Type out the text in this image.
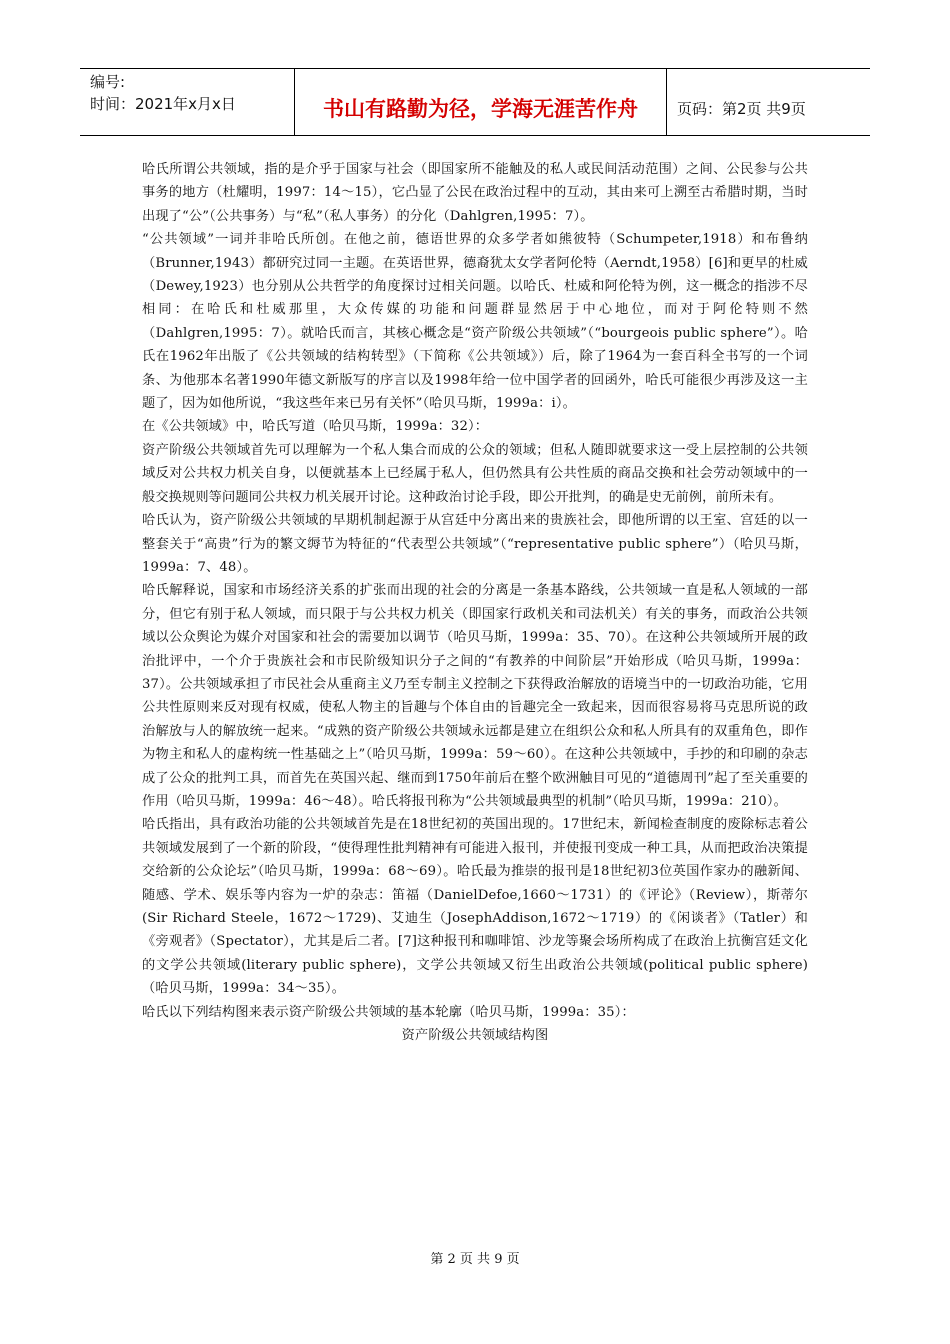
编号:
时间：2021年x月x日	书山有路勤为径，学海无涯苦作舟	页码：第2页 共9页

哈氏所谓公共领域，指的是介乎于国家与社会（即国家所不能触及的私人或民间活动范围）之间、公民参与公共事务的地方（杜耀明，1997：14～15），它凸显了公民在政治过程中的互动，其由来可上溯至古希腊时期，当时出现了“公”（公共事务）与“私”（私人事务）的分化（Dahlgren,1995：7）。

“公共领域”一词并非哈氏所创。在他之前，德语世界的众多学者如熊彼特（Schumpeter,1918）和布鲁纳（Brunner,1943）都研究过同一主题。在英语世界，德裔犹太女学者阿伦特（Aerndt,1958）[6]和更早的杜威（Dewey,1923）也分别从公共哲学的角度探讨过相关问题。以哈氏、杜威和阿伦特为例，这一概念的指涉不尽相同：在哈氏和杜威那里，大众传媒的功能和问题群显然居于中心地位，而对于阿伦特则不然（Dahlgren,1995：7）。就哈氏而言，其核心概念是“资产阶级公共领域”（“bourgeois public sphere”）。哈氏在1962年出版了《公共领域的结构转型》（下简称《公共领域》）后，除了1964为一套百科全书写的一个词条、为他那本名著1990年德文新版写的序言以及1998年给一位中国学者的回函外，哈氏可能很少再涉及这一主题了，因为如他所说，“我这些年来已另有关怀”（哈贝马斯，1999a：i）。

在《公共领域》中，哈氏写道（哈贝马斯，1999a：32）：

资产阶级公共领域首先可以理解为一个私人集合而成的公众的领域；但私人随即就要求这一受上层控制的公共领域反对公共权力机关自身，以便就基本上已经属于私人，但仍然具有公共性质的商品交换和社会劳动领域中的一般交换规则等问题同公共权力机关展开讨论。这种政治讨论手段，即公开批判，的确是史无前例，前所未有。

哈氏认为，资产阶级公共领域的早期机制起源于从宫廷中分离出来的贵族社会，即他所谓的以王室、宫廷的以一整套关于“高贵”行为的繁文缛节为特征的“代表型公共领域”（“representative public sphere”）（哈贝马斯，1999a：7、48）。

哈氏解释说，国家和市场经济关系的扩张而出现的社会的分离是一条基本路线，公共领域一直是私人领域的一部分，但它有别于私人领域，而只限于与公共权力机关（即国家行政机关和司法机关）有关的事务，而政治公共领域以公众舆论为媒介对国家和社会的需要加以调节（哈贝马斯，1999a：35、70）。在这种公共领域所开展的政治批评中，一个介于贵族社会和市民阶级知识分子之间的“有教养的中间阶层”开始形成（哈贝马斯，1999a：37）。公共领域承担了市民社会从重商主义乃至专制主义控制之下获得政治解放的语境当中的一切政治功能，它用公共性原则来反对现有权威，使私人物主的旨趣与个体自由的旨趣完全一致起来，因而很容易将马克思所说的政治解放与人的解放统一起来。“成熟的资产阶级公共领域永远都是建立在组织公众和私人所具有的双重角色，即作为物主和私人的虚构统一性基础之上”（哈贝马斯，1999a：59～60）。在这种公共领域中，手抄的和印刷的杂志成了公众的批判工具，而首先在英国兴起、继而到1750年前后在整个欧洲触目可见的“道德周刊”起了至关重要的作用（哈贝马斯，1999a：46～48）。哈氏将报刊称为“公共领域最典型的机制”（哈贝马斯，1999a：210）。

哈氏指出，具有政治功能的公共领域首先是在18世纪初的英国出现的。17世纪末，新闻检查制度的废除标志着公共领域发展到了一个新的阶段，“使得理性批判精神有可能进入报刊，并使报刊变成一种工具，从而把政治决策提交给新的公众论坛”（哈贝马斯，1999a：68～69）。哈氏最为推崇的报刊是18世纪初3位英国作家办的融新闻、随感、学术、娱乐等内容为一炉的杂志：笛福（DanielDefoe,1660～1731）的《评论》（Review），斯蒂尔(Sir Richard Steele，1672～1729)、艾迪生（JosephAddison,1672～1719）的《闲谈者》（Tatler）和《旁观者》（Spectator），尤其是后二者。[7]这种报刊和咖啡馆、沙龙等聚会场所构成了在政治上抗衡宫廷文化的文学公共领域(literary public sphere)，文学公共领域又衍生出政治公共领域(political public sphere)（哈贝马斯，1999a：34～35）。

哈氏以下列结构图来表示资产阶级公共领域的基本轮廓（哈贝马斯，1999a：35）：

资产阶级公共领域结构图

第 2 页 共 9 页
